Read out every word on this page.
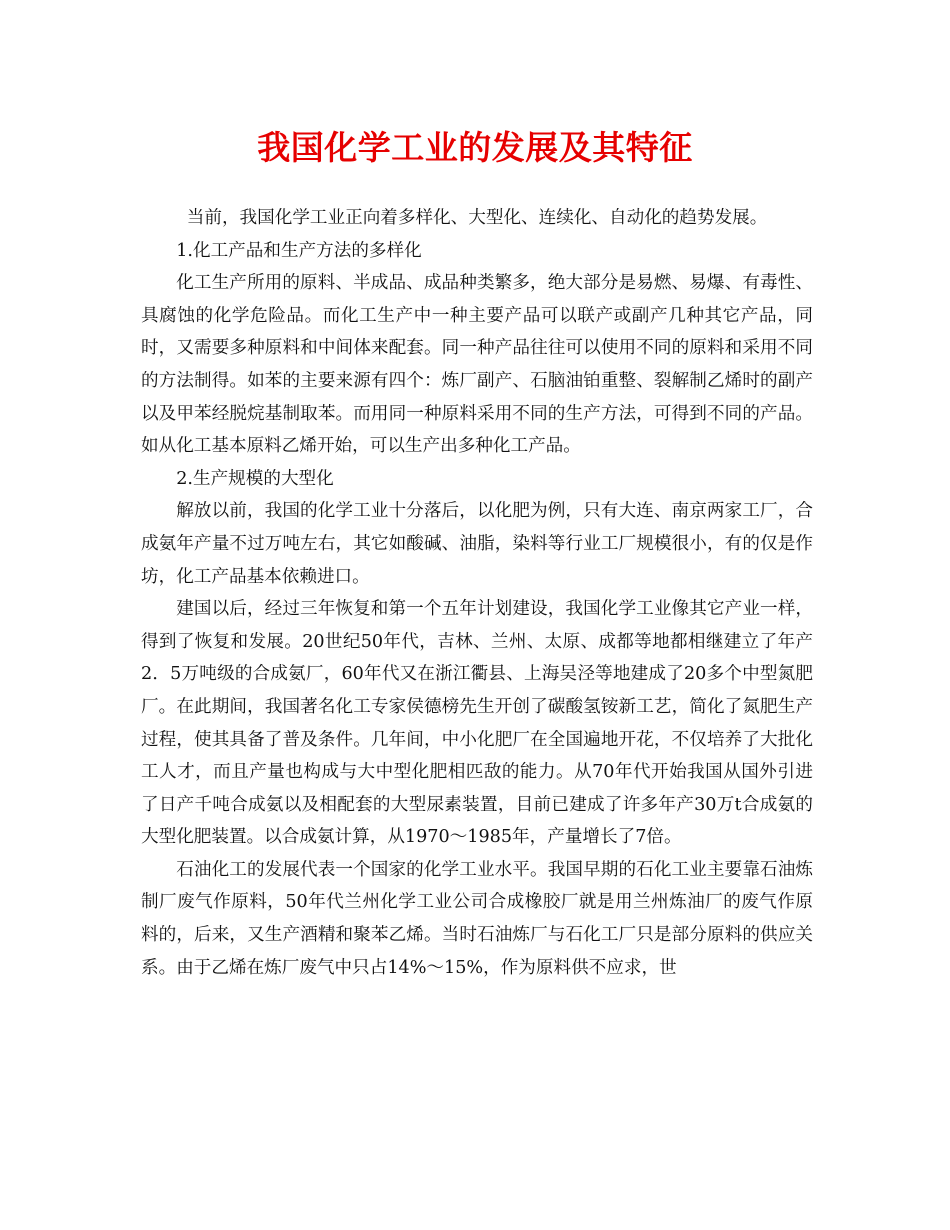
我国化学工业的发展及其特征

当前，我国化学工业正向着多样化、大型化、连续化、自动化的趋势发展。

1.化工产品和生产方法的多样化

化工生产所用的原料、半成品、成品种类繁多，绝大部分是易燃、易爆、有毒性、具腐蚀的化学危险品。而化工生产中一种主要产品可以联产或副产几种其它产品，同时，又需要多种原料和中间体来配套。同一种产品往往可以使用不同的原料和采用不同的方法制得。如苯的主要来源有四个：炼厂副产、石脑油铂重整、裂解制乙烯时的副产以及甲苯经脱烷基制取苯。而用同一种原料采用不同的生产方法，可得到不同的产品。如从化工基本原料乙烯开始，可以生产出多种化工产品。

2.生产规模的大型化

解放以前，我国的化学工业十分落后，以化肥为例，只有大连、南京两家工厂，合成氨年产量不过万吨左右，其它如酸碱、油脂，染料等行业工厂规模很小，有的仅是作坊，化工产品基本依赖进口。

建国以后，经过三年恢复和第一个五年计划建设，我国化学工业像其它产业一样，得到了恢复和发展。20世纪50年代，吉林、兰州、太原、成都等地都相继建立了年产2．5万吨级的合成氨厂，60年代又在浙江衢县、上海吴泾等地建成了20多个中型氮肥厂。在此期间，我国著名化工专家侯德榜先生开创了碳酸氢铵新工艺，简化了氮肥生产过程，使其具备了普及条件。几年间，中小化肥厂在全国遍地开花，不仅培养了大批化工人才，而且产量也构成与大中型化肥相匹敌的能力。从70年代开始我国从国外引进了日产千吨合成氨以及相配套的大型尿素装置，目前已建成了许多年产30万t合成氨的大型化肥装置。以合成氨计算，从1970～1985年，产量增长了7倍。

石油化工的发展代表一个国家的化学工业水平。我国早期的石化工业主要靠石油炼制厂废气作原料，50年代兰州化学工业公司合成橡胶厂就是用兰州炼油厂的废气作原料的，后来，又生产酒精和聚苯乙烯。当时石油炼厂与石化工厂只是部分原料的供应关系。由于乙烯在炼厂废气中只占14%～15%，作为原料供不应求，世
